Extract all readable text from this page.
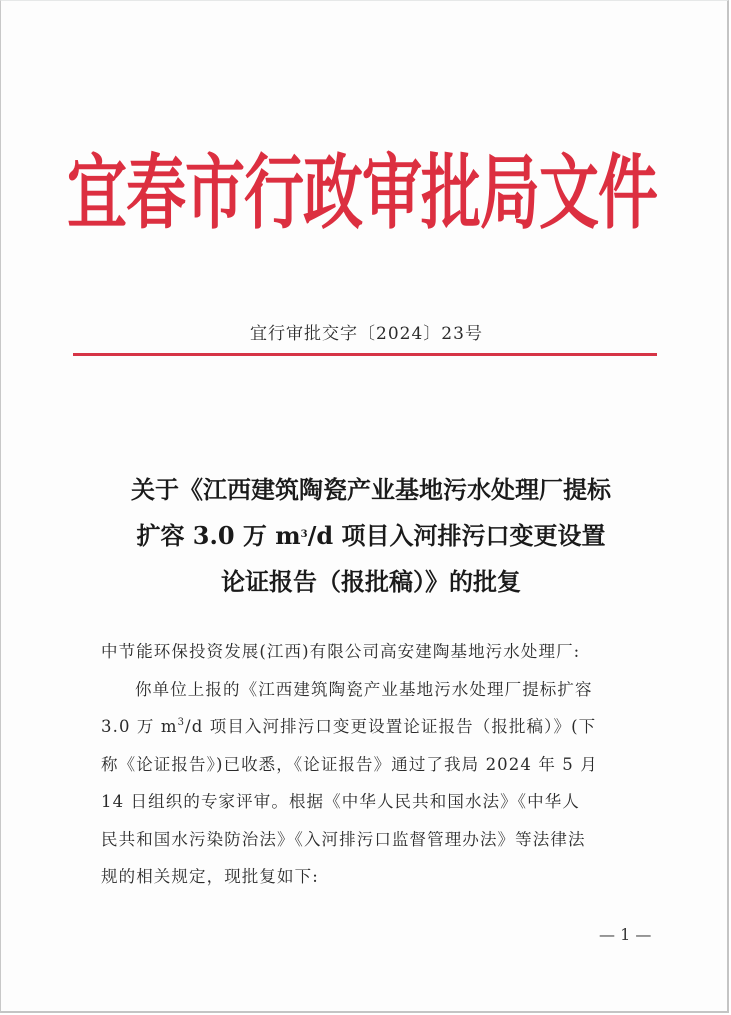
宜春市行政审批局文件
宜行审批交字〔2024〕23号
关于《江西建筑陶瓷产业基地污水处理厂提标
扩容 3.0 万 $m^3/d$ 项目入河排污口变更设置
论证报告（报批稿）》的批复
中节能环保投资发展(江西)有限公司高安建陶基地污水处理厂:
你单位上报的《江西建筑陶瓷产业基地污水处理厂提标扩容
3.0 万 $m^3/d$ 项目入河排污口变更设置论证报告（报批稿）》(下
称《论证报告》)已收悉，《论证报告》通过了我局 2024 年 5 月
14 日组织的专家评审。根据《中华人民共和国水法》《中华人
民共和国水污染防治法》《入河排污口监督管理办法》等法律法
规的相关规定，现批复如下:
— 1 —
